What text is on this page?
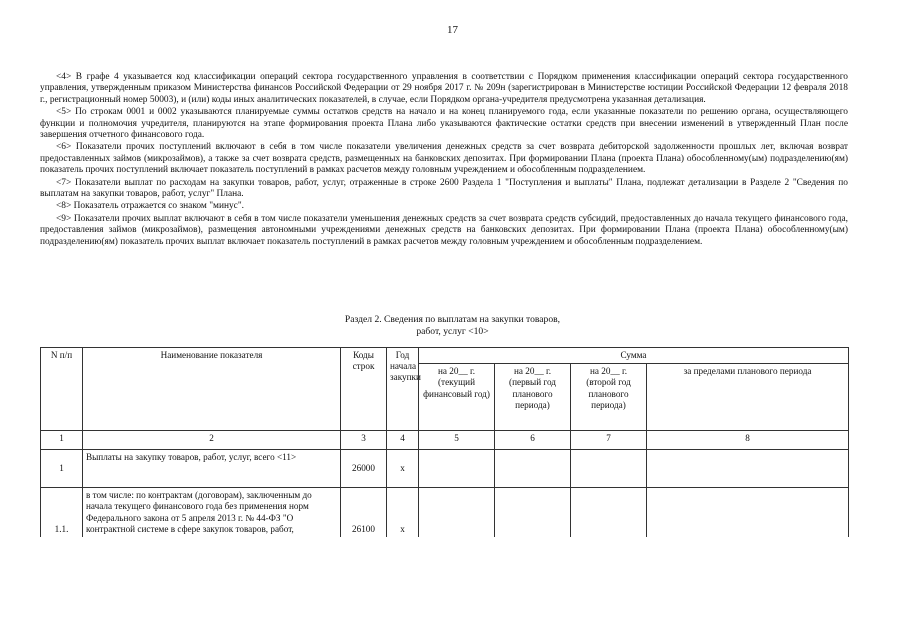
17

<4> В графе 4 указывается код классификации операций сектора государственного управления в соответствии с Порядком применения классификации операций сектора государственного управления, утвержденным приказом Министерства финансов Российской Федерации от 29 ноября 2017 г. № 209н (зарегистрирован в Министерстве юстиции Российской Федерации 12 февраля 2018 г., регистрационный номер 50003), и (или) коды иных аналитических показателей, в случае, если Порядком органа-учредителя предусмотрена указанная детализация.

<5> По строкам 0001 и 0002 указываются планируемые суммы остатков средств на начало и на конец планируемого года, если указанные показатели по решению органа, осуществляющего функции и полномочия учредителя, планируются на этапе формирования проекта Плана либо указываются фактические остатки средств при внесении изменений в утвержденный План после завершения отчетного финансового года.

<6> Показатели прочих поступлений включают в себя в том числе показатели увеличения денежных средств за счет возврата дебиторской задолженности прошлых лет, включая возврат предоставленных займов (микрозаймов), а также за счет возврата средств, размещенных на банковских депозитах. При формировании Плана (проекта Плана) обособленному(ым) подразделению(ям) показатель прочих поступлений включает показатель поступлений в рамках расчетов между головным учреждением и обособленным подразделением.

<7> Показатели выплат по расходам на закупки товаров, работ, услуг, отраженные в строке 2600 Раздела 1 "Поступления и выплаты" Плана, подлежат детализации в Разделе 2 "Сведения по выплатам на закупки товаров, работ, услуг" Плана.

<8> Показатель отражается со знаком "минус".

<9> Показатели прочих выплат включают в себя в том числе показатели уменьшения денежных средств за счет возврата средств субсидий, предоставленных до начала текущего финансового года, предоставления займов (микрозаймов), размещения автономными учреждениями денежных средств на банковских депозитах. При формировании Плана (проекта Плана) обособленному(ым) подразделению(ям) показатель прочих выплат включает показатель поступлений в рамках расчетов между головным учреждением и обособленным подразделением.

Раздел 2. Сведения по выплатам на закупки товаров,
работ, услуг <10>
N п/п	Наименование показателя	Коды строк	Год начала закупки	Сумма			
				на 20__ г. (текущий финансовый год)	на 20__ г. (первый год планового периода)	на 20__ г. (второй год планового периода)	за пределами планового периода
1	2	3	4	5	6	7	8
1	Выплаты на закупку товаров, работ, услуг, всего <11>	26000	x				
1.1.	в том числе: по контрактам (договорам), заключенным до начала текущего финансового года без применения норм Федерального закона от 5 апреля 2013 г. № 44-ФЗ "О контрактной системе в сфере закупок товаров, работ,	26100	x				
